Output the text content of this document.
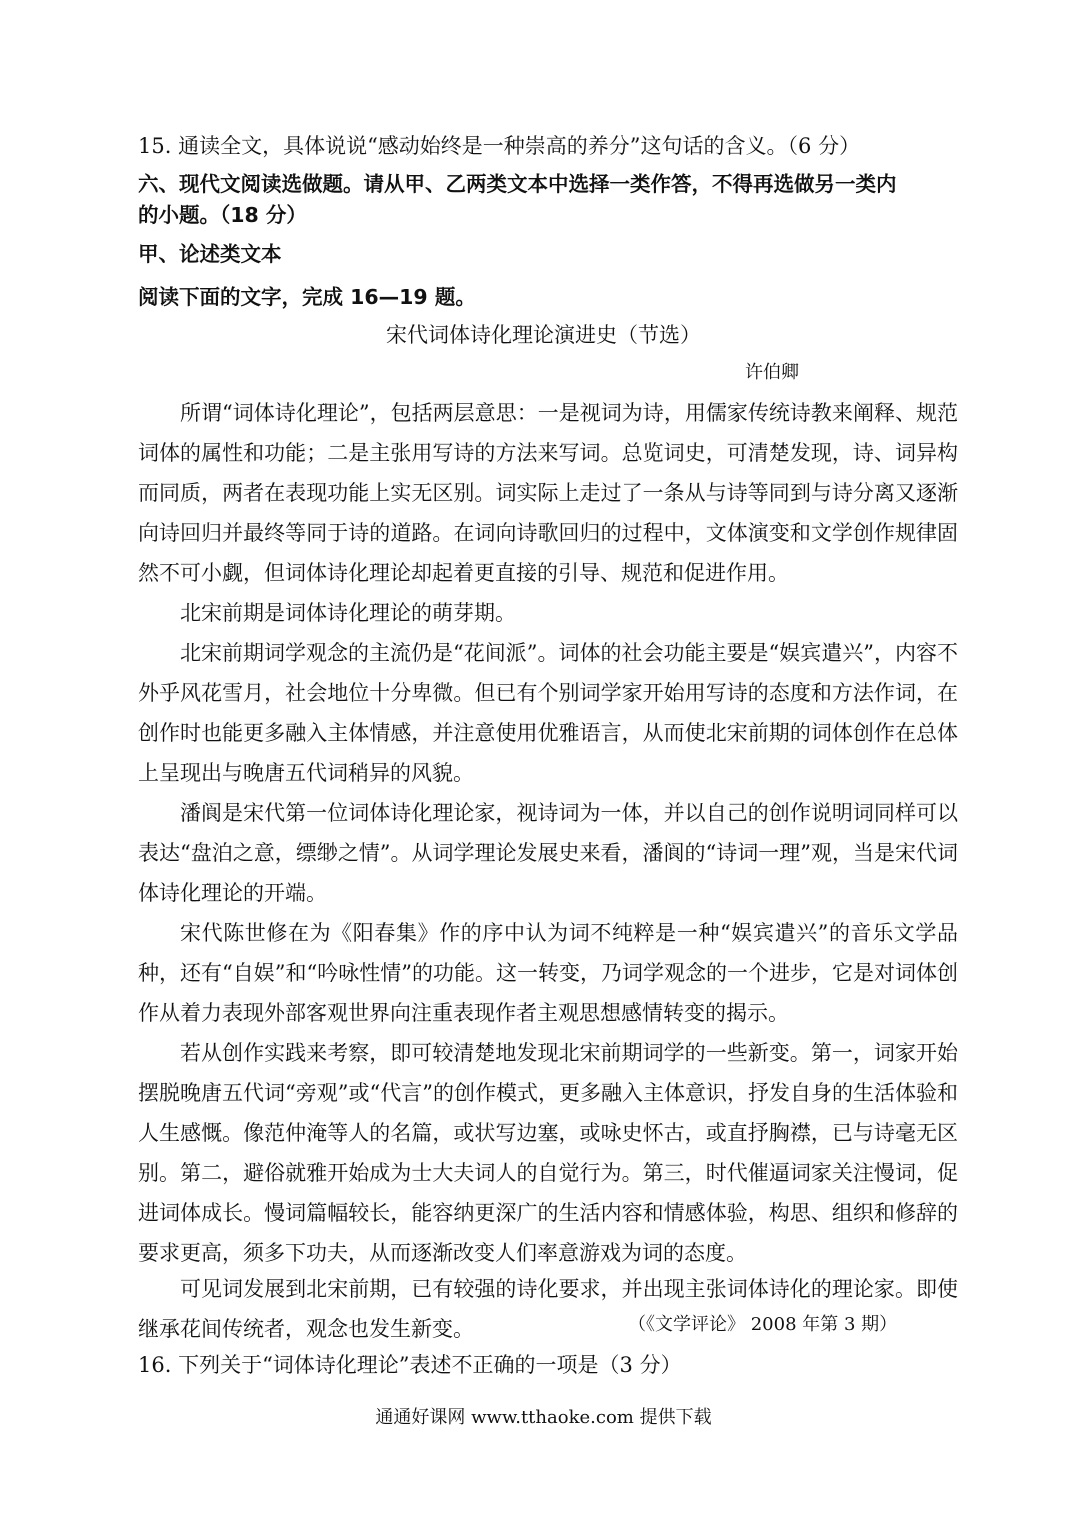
15. 通读全文，具体说说“感动始终是一种崇高的养分”这句话的含义。（6 分）
六、现代文阅读选做题。请从甲、乙两类文本中选择一类作答，不得再选做另一类内
的小题。（18 分）
甲、论述类文本
阅读下面的文字，完成 16—19 题。
宋代词体诗化理论演进史（节选）
许伯卿

所谓“词体诗化理论”，包括两层意思：一是视词为诗，用儒家传统诗教来阐释、规范词体的属性和功能；二是主张用写诗的方法来写词。总览词史，可清楚发现，诗、词异构而同质，两者在表现功能上实无区别。词实际上走过了一条从与诗等同到与诗分离又逐渐向诗回归并最终等同于诗的道路。在词向诗歌回归的过程中，文体演变和文学创作规律固然不可小觑，但词体诗化理论却起着更直接的引导、规范和促进作用。

北宋前期是词体诗化理论的萌芽期。

北宋前期词学观念的主流仍是“花间派”。词体的社会功能主要是“娱宾遣兴”，内容不外乎风花雪月，社会地位十分卑微。但已有个别词学家开始用写诗的态度和方法作词，在创作时也能更多融入主体情感，并注意使用优雅语言，从而使北宋前期的词体创作在总体上呈现出与晚唐五代词稍异的风貌。

潘阆是宋代第一位词体诗化理论家，视诗词为一体，并以自己的创作说明词同样可以表达“盘泊之意，缥缈之情”。从词学理论发展史来看，潘阆的“诗词一理”观，当是宋代词体诗化理论的开端。

宋代陈世修在为《阳春集》作的序中认为词不纯粹是一种“娱宾遣兴”的音乐文学品种，还有“自娱”和“吟咏性情”的功能。这一转变，乃词学观念的一个进步，它是对词体创作从着力表现外部客观世界向注重表现作者主观思想感情转变的揭示。

若从创作实践来考察，即可较清楚地发现北宋前期词学的一些新变。第一，词家开始摆脱晚唐五代词“旁观”或“代言”的创作模式，更多融入主体意识，抒发自身的生活体验和人生感慨。像范仲淹等人的名篇，或状写边塞，或咏史怀古，或直抒胸襟，已与诗毫无区别。第二，避俗就雅开始成为士大夫词人的自觉行为。第三，时代催逼词家关注慢词，促进词体成长。慢词篇幅较长，能容纳更深广的生活内容和情感体验，构思、组织和修辞的要求更高，须多下功夫，从而逐渐改变人们率意游戏为词的态度。

可见词发展到北宋前期，已有较强的诗化要求，并出现主张词体诗化的理论家。即使继承花间传统者，观念也发生新变。	（《文学评论》 2008 年第 3 期）
16. 下列关于“词体诗化理论”表述不正确的一项是（3 分）
通通好课网 www.tthaoke.com 提供下载
